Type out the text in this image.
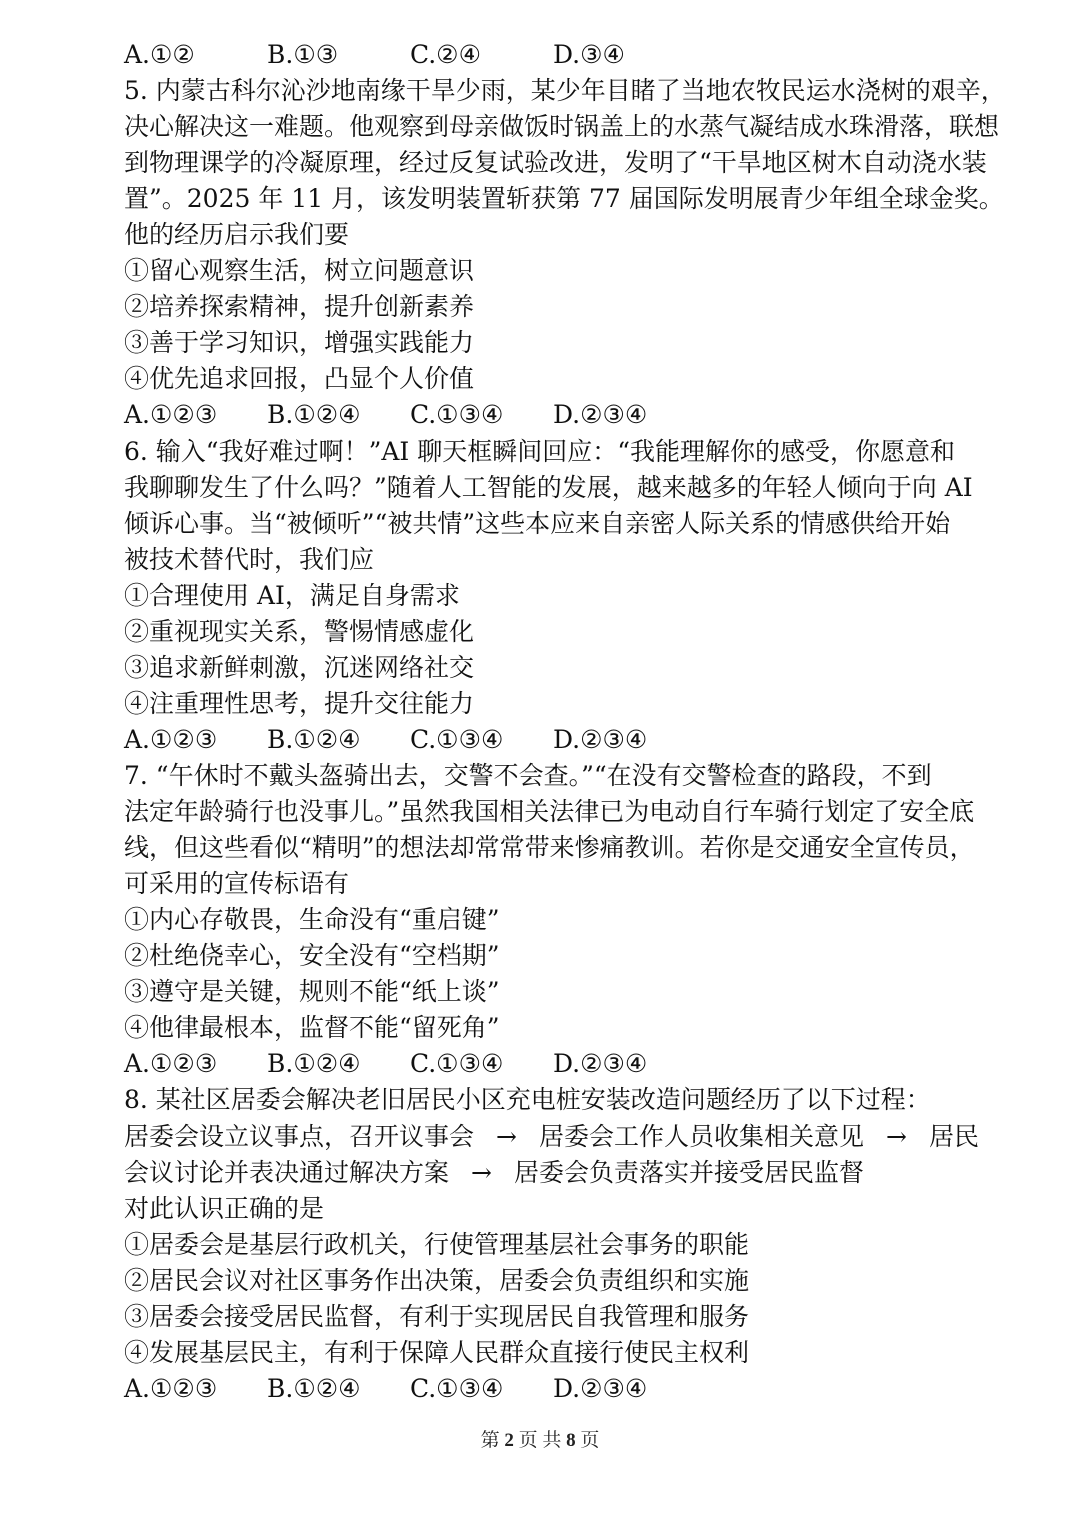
A.①②	B.①③	C.②④	D.③④
5. 内蒙古科尔沁沙地南缘干旱少雨，某少年目睹了当地农牧民运水浇树的艰辛，
决心解决这一难题。他观察到母亲做饭时锅盖上的水蒸气凝结成水珠滑落，联想
到物理课学的冷凝原理，经过反复试验改进，发明了“干旱地区树木自动浇水装
置”。2025 年 11 月，该发明装置斩获第 77 届国际发明展青少年组全球金奖。
他的经历启示我们要
①留心观察生活，树立问题意识
②培养探索精神，提升创新素养
③善于学习知识，增强实践能力
④优先追求回报，凸显个人价值
A.①②③ B.①②④ C.①③④ D.②③④
6. 输入“我好难过啊！”AI 聊天框瞬间回应：“我能理解你的感受，你愿意和
我聊聊发生了什么吗？”随着人工智能的发展，越来越多的年轻人倾向于向 AI
倾诉心事。当“被倾听”“被共情”这些本应来自亲密人际关系的情感供给开始
被技术替代时，我们应
①合理使用 AI，满足自身需求
②重视现实关系，警惕情感虚化
③追求新鲜刺激，沉迷网络社交
④注重理性思考，提升交往能力
A.①②③ B.①②④ C.①③④ D.②③④
7. “午休时不戴头盔骑出去，交警不会查。”“在没有交警检查的路段，不到
法定年龄骑行也没事儿。”虽然我国相关法律已为电动自行车骑行划定了安全底
线，但这些看似“精明”的想法却常常带来惨痛教训。若你是交通安全宣传员，
可采用的宣传标语有
①内心存敬畏，生命没有“重启键”
②杜绝侥幸心，安全没有“空档期”
③遵守是关键，规则不能“纸上谈”
④他律最根本，监督不能“留死角”
A.①②③ B.①②④ C.①③④ D.②③④
8. 某社区居委会解决老旧居民小区充电桩安装改造问题经历了以下过程：
居委会设立议事点，召开议事会 → 居委会工作人员收集相关意见 → 居民
会议讨论并表决通过解决方案 → 居委会负责落实并接受居民监督
对此认识正确的是
①居委会是基层行政机关，行使管理基层社会事务的职能
②居民会议对社区事务作出决策，居委会负责组织和实施
③居委会接受居民监督，有利于实现居民自我管理和服务
④发展基层民主，有利于保障人民群众直接行使民主权利
A.①②③ B.①②④ C.①③④ D.②③④
第 2 页 共 8 页
